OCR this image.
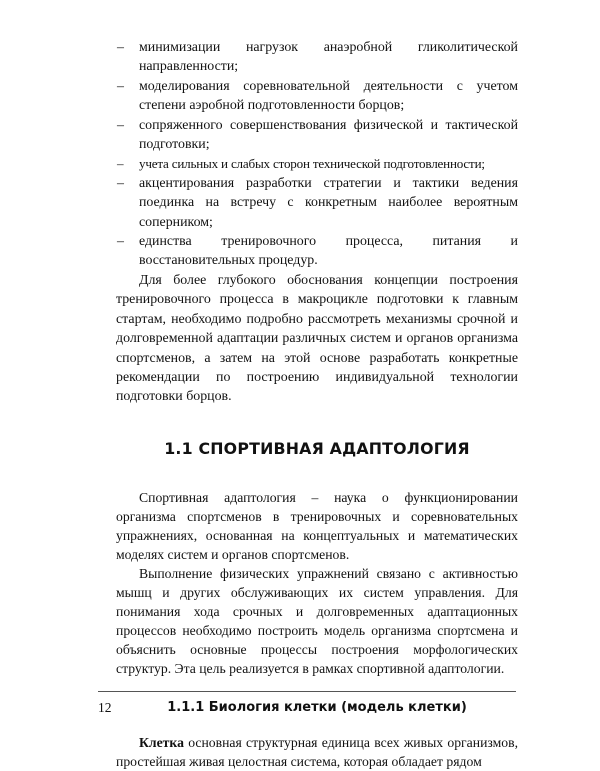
– минимизации нагрузок анаэробной гликолитической направленности;
– моделирования соревновательной деятельности с учетом степени аэробной подготовленности борцов;
– сопряженного совершенствования физической и тактической подготовки;
– учета сильных и слабых сторон технической подготовленности;
– акцентирования разработки стратегии и тактики ведения поединка на встречу с конкретным наиболее вероятным соперником;
– единства тренировочного процесса, питания и восстановительных процедур.

Для более глубокого обоснования концепции построения тренировочного процесса в макроцикле подготовки к главным стартам, необходимо подробно рассмотреть механизмы срочной и долговременной адаптации различных систем и органов организма спортсменов, а затем на этой основе разработать конкретные рекомендации по построению индивидуальной технологии подготовки борцов.

1.1 СПОРТИВНАЯ АДАПТОЛОГИЯ

Спортивная адаптология – наука о функционировании организма спортсменов в тренировочных и соревновательных упражнениях, основанная на концептуальных и математических моделях систем и органов спортсменов.

Выполнение физических упражнений связано с активностью мышц и других обслуживающих их систем управления. Для понимания хода срочных и долговременных адаптационных процессов необходимо построить модель организма спортсмена и объяснить основные процессы построения морфологических структур. Эта цель реализуется в рамках спортивной адаптологии.

1.1.1 Биология клетки (модель клетки)

Клетка основная структурная единица всех живых организмов, простейшая живая целостная система, которая обладает рядом

12
